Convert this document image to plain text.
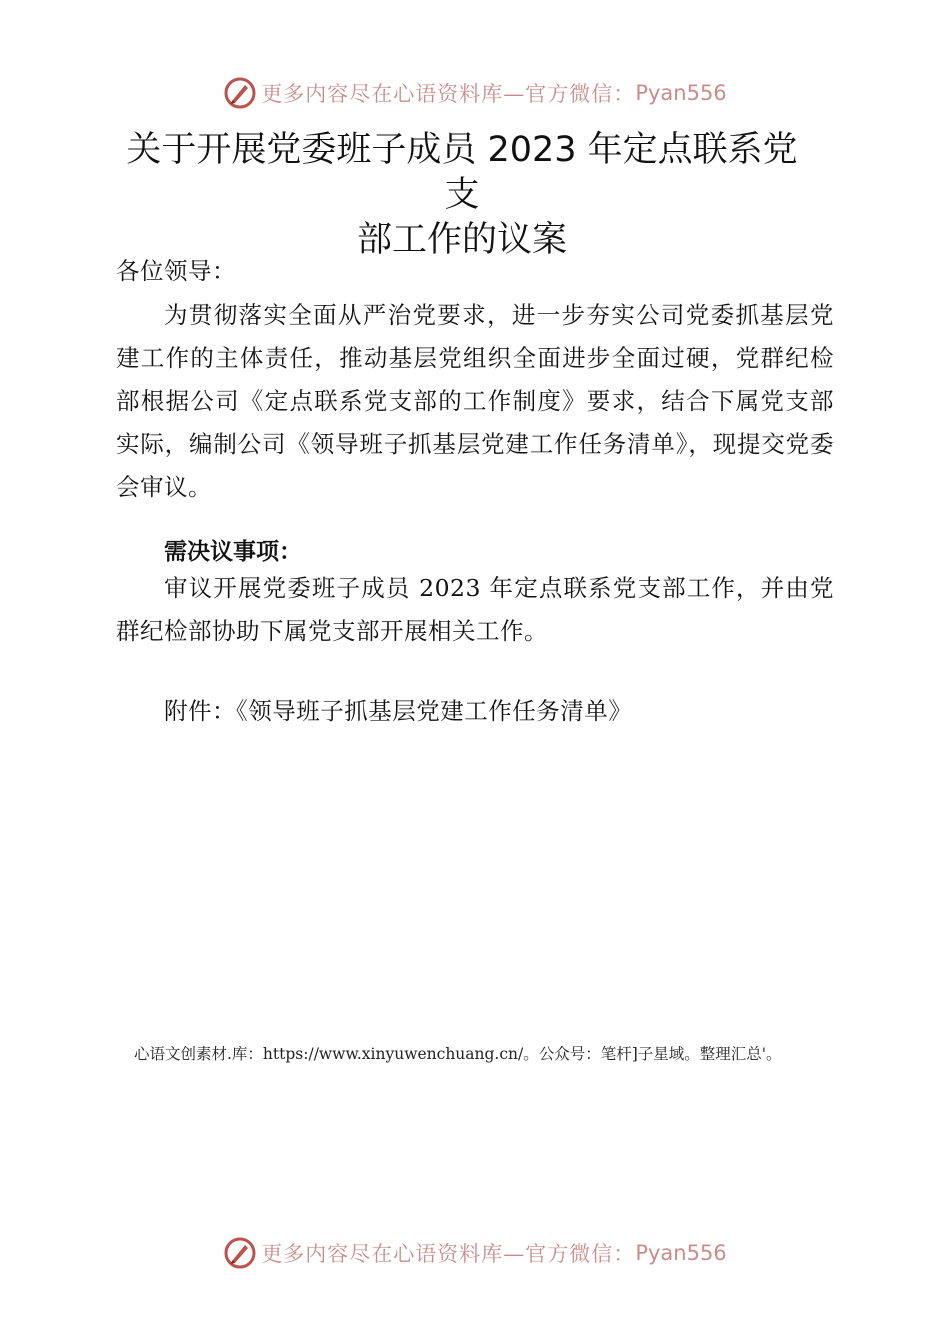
更多内容尽在心语资料库—官方微信： Pyan556
关于开展党委班子成员 2023 年定点联系党支
部工作的议案
各位领导：
为贯彻落实全面从严治党要求，进一步夯实公司党委抓基层党建工作的主体责任，推动基层党组织全面进步全面过硬，党群纪检部根据公司《定点联系党支部的工作制度》要求，结合下属党支部实际，编制公司《领导班子抓基层党建工作任务清单》，现提交党委会审议。
需决议事项：
审议开展党委班子成员 2023 年定点联系党支部工作，并由党群纪检部协助下属党支部开展相关工作。
附件：《领导班子抓基层党建工作任务清单》
心语文创素材.库：https://www.xinyuwenchuang.cn/。公众号：笔杆]子星域。整理汇总'。
更多内容尽在心语资料库—官方微信： Pyan556
